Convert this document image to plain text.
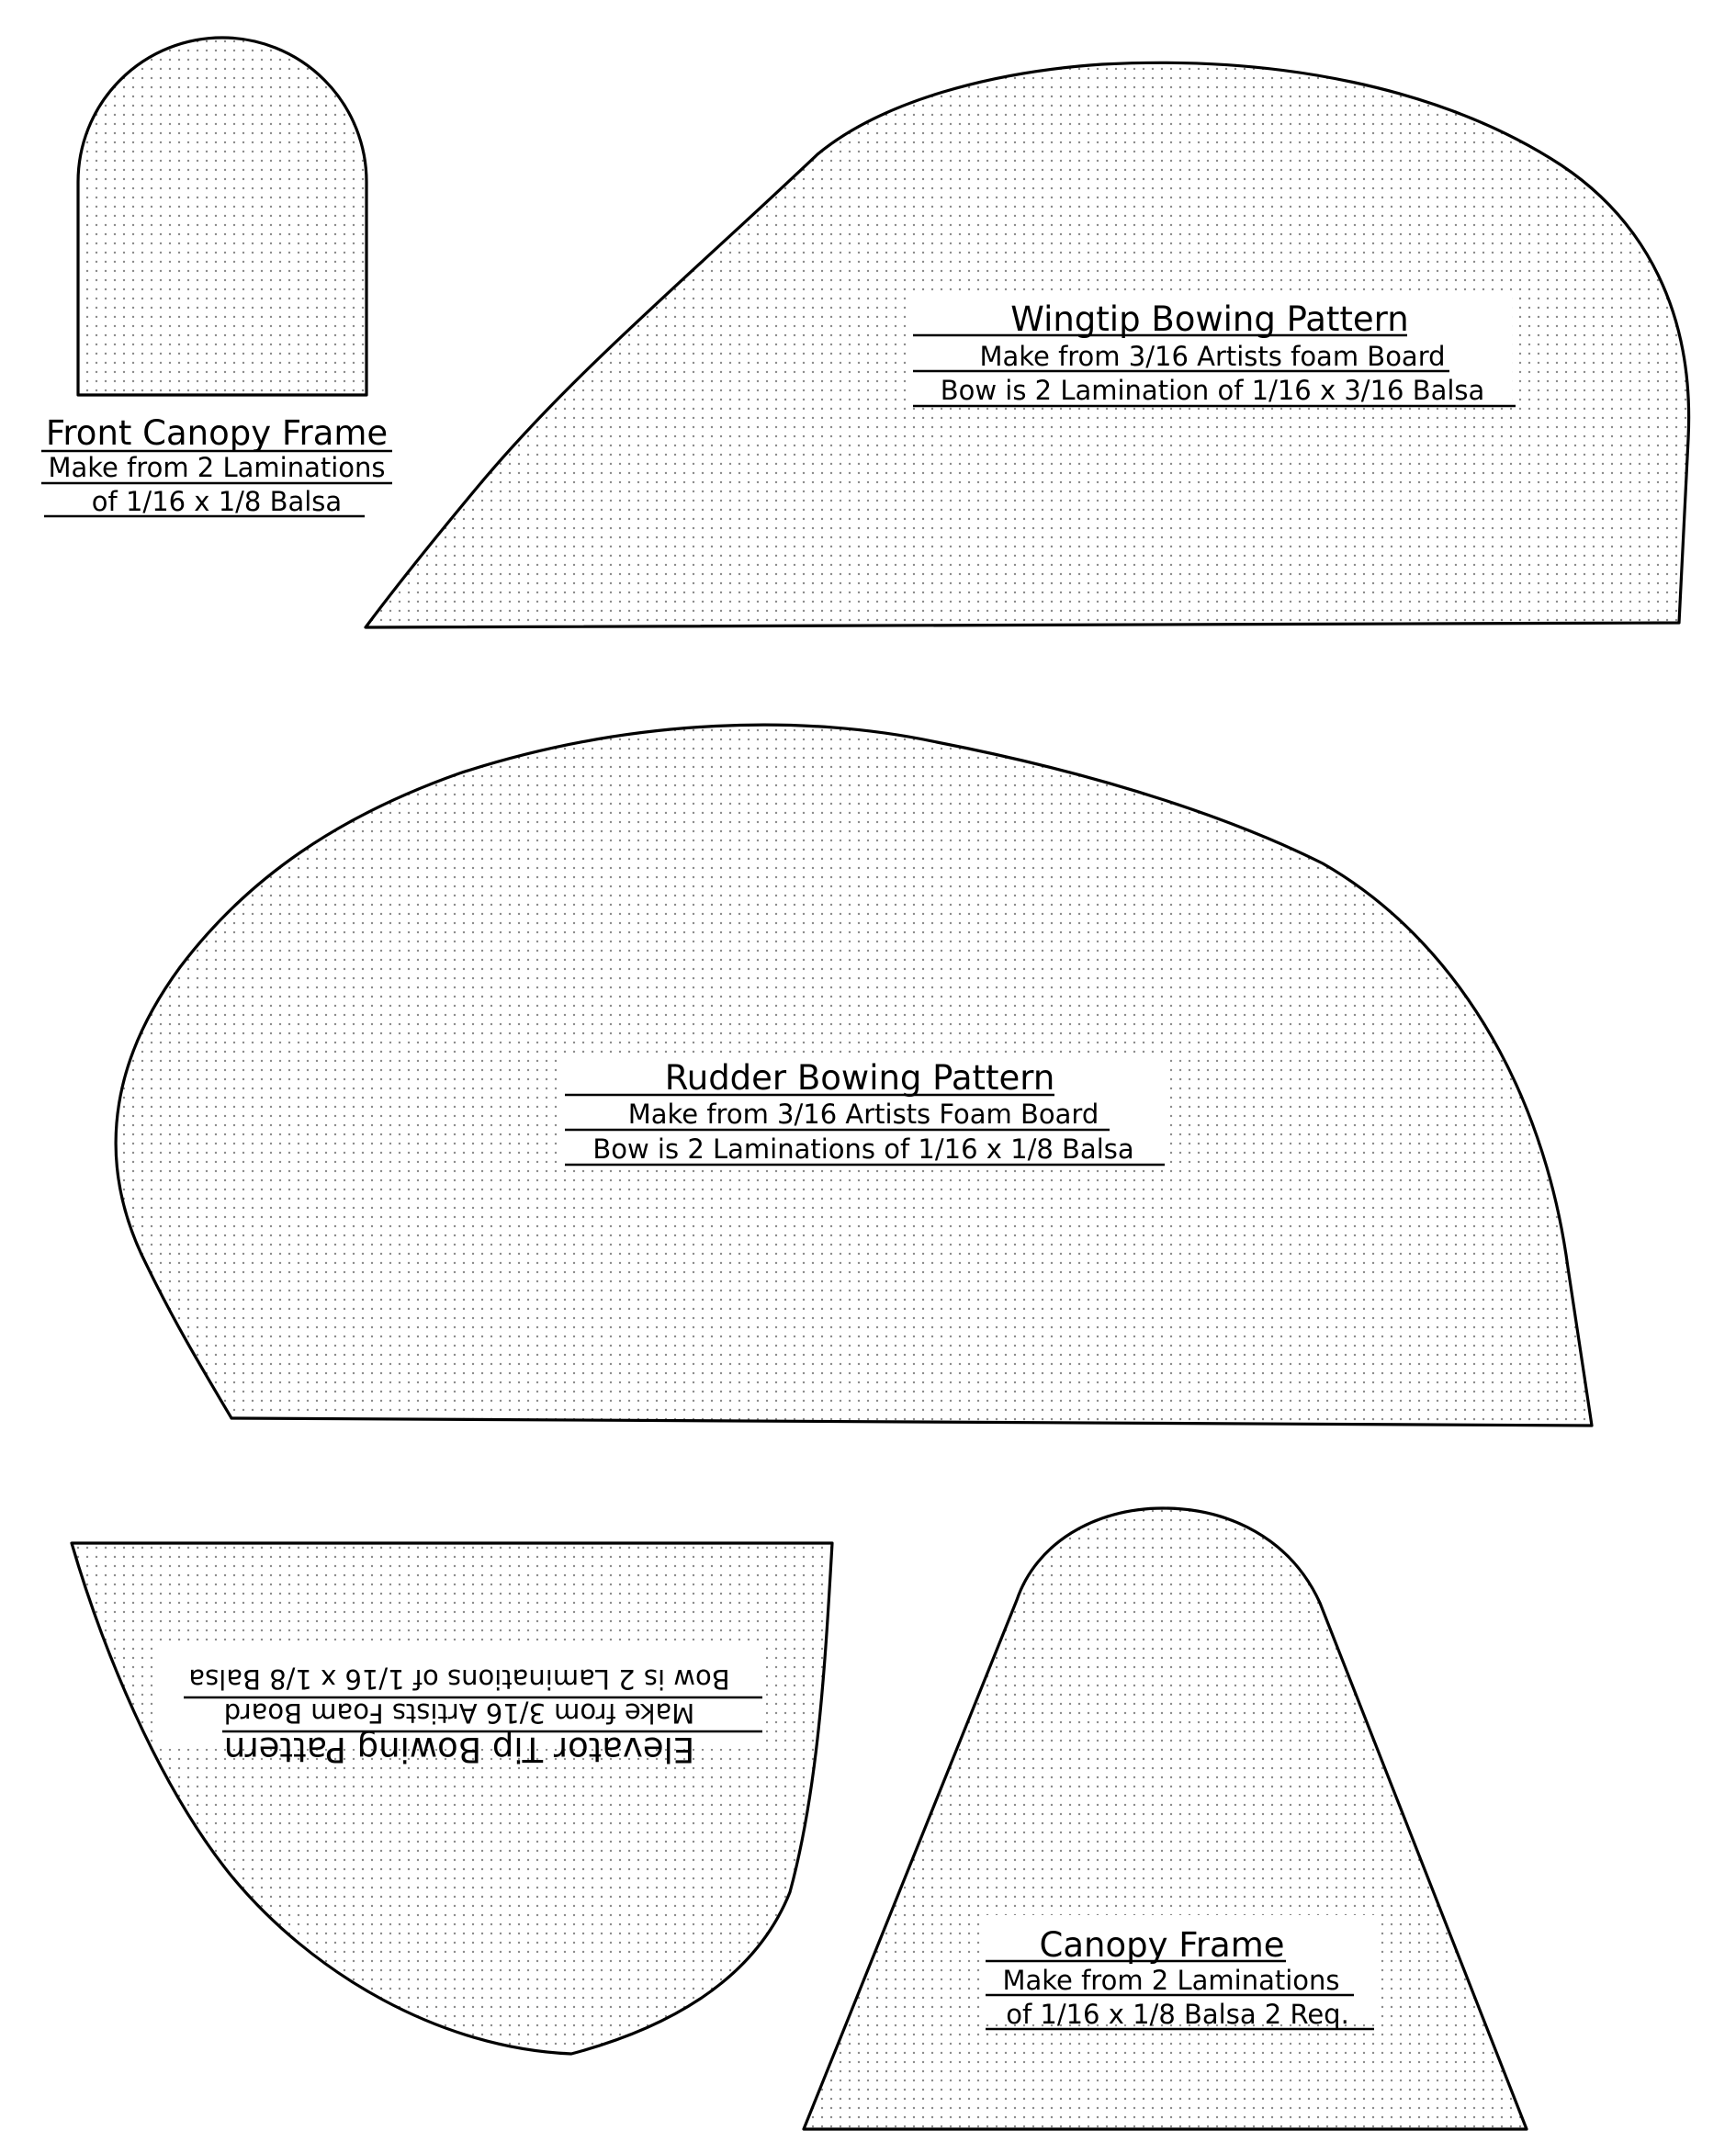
Front Canopy Frame
Make from 2 Laminations
of 1/16 x 1/8 Balsa
Wingtip Bowing Pattern
Make from 3/16 Artists foam Board
Bow is 2 Lamination of 1/16 x 3/16 Balsa
Rudder Bowing Pattern
Make from 3/16 Artists Foam Board
Bow is 2 Laminations of 1/16 x 1/8 Balsa
Elevator Tip Bowing Pattern
Make from 3/16 Artists Foam Board
Bow is 2 Laminations of 1/16 x 1/8 Balsa
Canopy Frame
Make from 2 Laminations
of 1/16 x 1/8 Balsa 2 Req.
